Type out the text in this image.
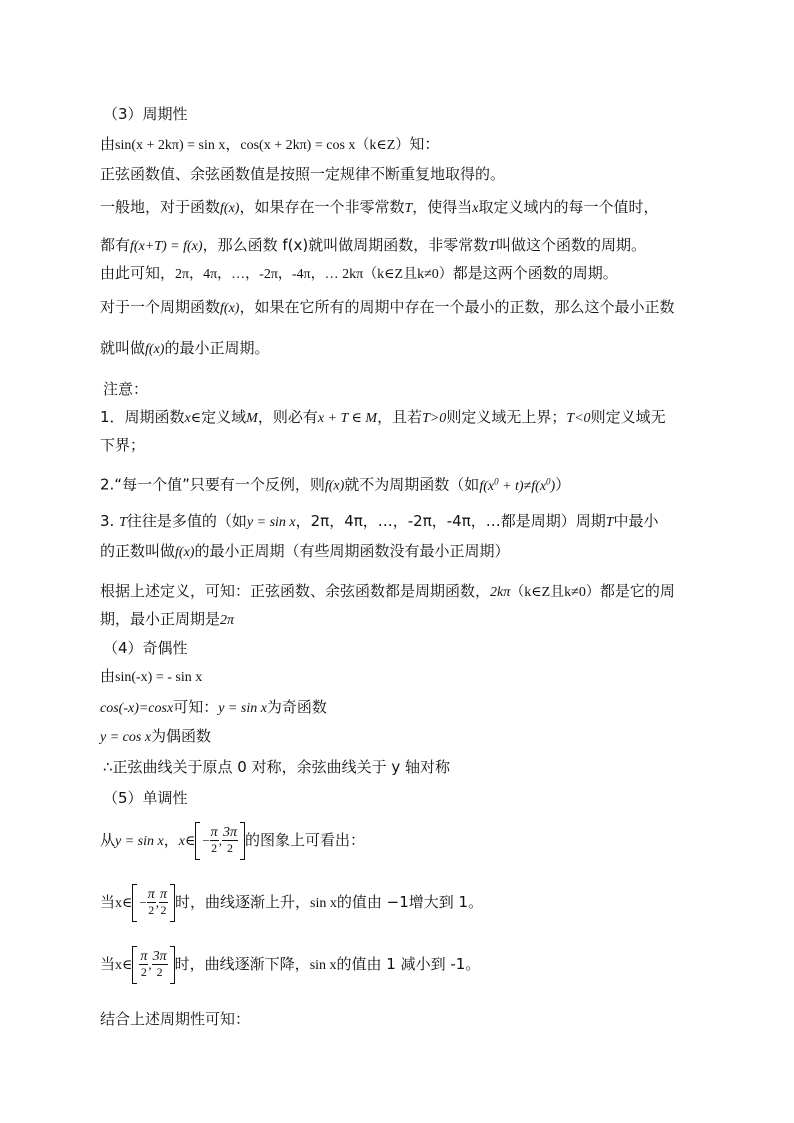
（3）周期性
由sin(x + 2kπ) = sin x，cos(x + 2kπ) = cos x（k∈Z）知：
正弦函数值、余弦函数值是按照一定规律不断重复地取得的。
一般地，对于函数f(x)，如果存在一个非零常数T，使得当x取定义域内的每一个值时，
都有f(x+T) = f(x)，那么函数 f(x)就叫做周期函数，非零常数T叫做这个函数的周期。
由此可知，2π，4π，…，-2π，-4π，… 2kπ（k∈Z且k≠0）都是这两个函数的周期。
对于一个周期函数f(x)，如果在它所有的周期中存在一个最小的正数，那么这个最小正数
就叫做f(x)的最小正周期。
注意：
1．周期函数x∈定义域M，则必有x + T ∈ M，且若T>0则定义域无上界；T<0则定义域无
下界；
2.“每一个值”只要有一个反例，则f(x)就不为周期函数（如$f(x^0 + t)\ne f(x^0)$）
3. T往往是多值的（如y = sin x，2π，4π，…，-2π，-4π，…都是周期）周期T中最小
的正数叫做f(x)的最小正周期（有些周期函数没有最小正周期）
根据上述定义，可知：正弦函数、余弦函数都是周期函数，2kπ（k∈Z且k≠0）都是它的周
期，最小正周期是2π
（4）奇偶性
由sin(-x) = - sin x
cos(-x)=cosx可知：y = sin x为奇函数
y = cos x为偶函数
∴正弦曲线关于原点 0 对称，余弦曲线关于 y 轴对称
（5）单调性
从y = sin x，x∈ − $\frac{\pi}{2}$ , $\frac{3\pi}{2}$ 的图象上可看出：
当x∈ − $\frac{\pi}{2}$ , $\frac{\pi}{2}$ 时，曲线逐渐上升，sin x的值由 −1增大到 1。
当x∈ $\frac{\pi}{2}$ , $\frac{3\pi}{2}$ 时，曲线逐渐下降，sin x的值由 1 减小到 -1。
结合上述周期性可知：
